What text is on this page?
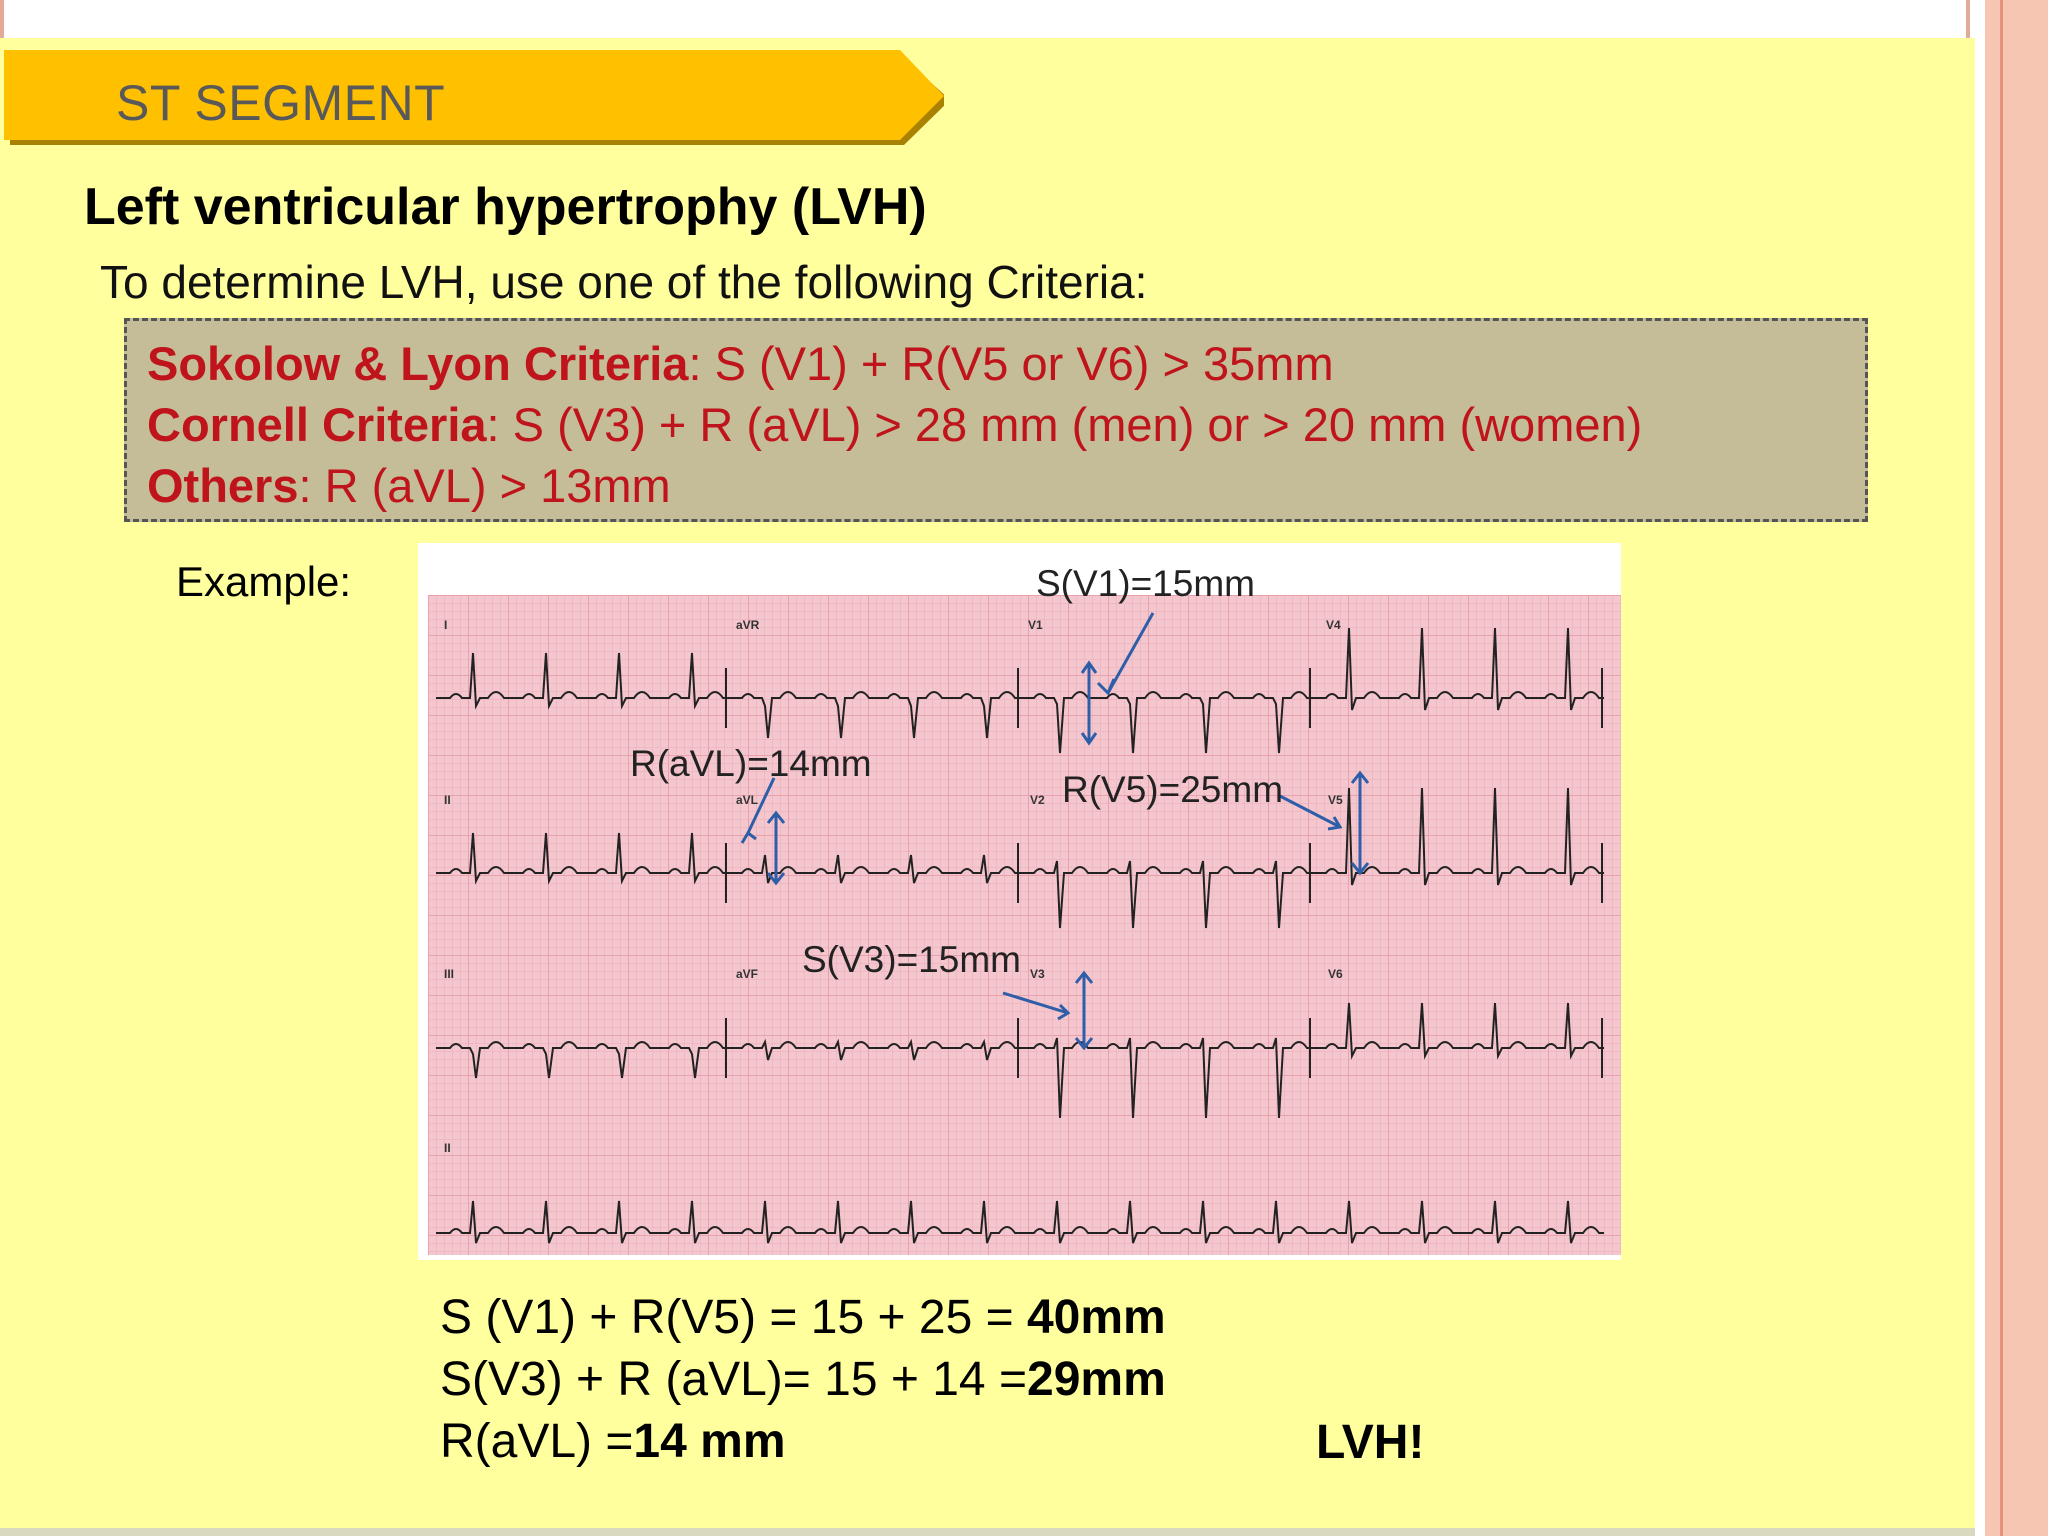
ST SEGMENT
Left ventricular hypertrophy (LVH)
To determine LVH, use one of the following Criteria:
Sokolow & Lyon Criteria: S (V1) + R(V5 or V6) > 35mm
Cornell Criteria: S (V3) + R (aVL) > 28 mm (men) or > 20 mm (women)
Others: R (aVL) > 13mm
Example:
I	aVR	V1	V4
II	aVL	V2	V5
III	aVF	V3	V6
II
S(V1)=15mm
R(aVL)=14mm
R(V5)=25mm
S(V3)=15mm
S (V1) + R(V5) = 15 + 25 = 40mm
S(V3) + R (aVL)= 15 + 14 =29mm
R(aVL) =14 mm	LVH!
